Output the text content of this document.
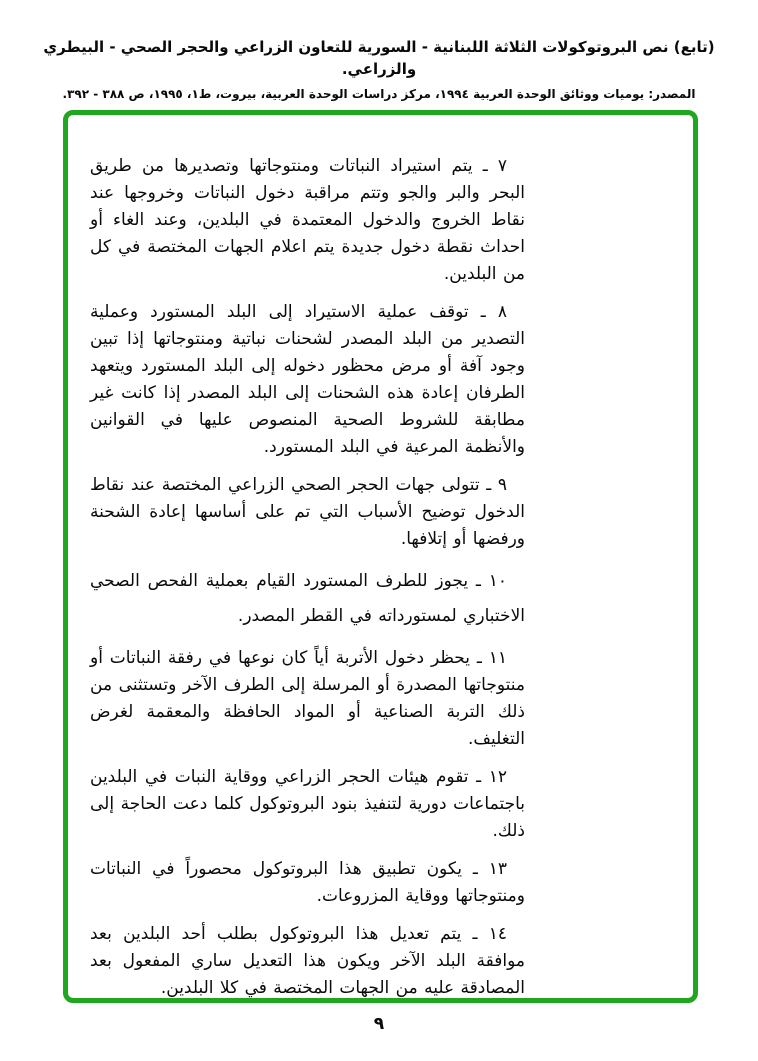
(تابع) نص البروتوكولات الثلاثة اللبنانية - السورية للتعاون الزراعي والحجر الصحي - البيطري والزراعي.
المصدر: يوميات ووثائق الوحدة العربية ١٩٩٤، مركز دراسات الوحدة العربية، بيروت، ط١، ١٩٩٥، ص ٣٨٨ - ٣٩٢.

٧ ـ يتم استيراد النباتات ومنتوجاتها وتصديرها من طريق البحر والبر والجو وتتم مراقبة دخول النباتات وخروجها عند نقاط الخروج والدخول المعتمدة في البلدين، وعند الغاء أو احداث نقطة دخول جديدة يتم اعلام الجهات المختصة في كل من البلدين.

٨ ـ توقف عملية الاستيراد إلى البلد المستورد وعملية التصدير من البلد المصدر لشحنات نباتية ومنتوجاتها إذا تبين وجود آفة أو مرض محظور دخوله إلى البلد المستورد ويتعهد الطرفان إعادة هذه الشحنات إلى البلد المصدر إذا كانت غير مطابقة للشروط الصحية المنصوص عليها في القوانين والأنظمة المرعية في البلد المستورد.

٩ ـ تتولى جهات الحجر الصحي الزراعي المختصة عند نقاط الدخول توضيح الأسباب التي تم على أساسها إعادة الشحنة ورفضها أو إتلافها.

١٠ ـ يجوز للطرف المستورد القيام بعملية الفحص الصحي الاختباري لمستورداته في القطر المصدر.

١١ ـ يحظر دخول الأتربة أياً كان نوعها في رفقة النباتات أو منتوجاتها المصدرة أو المرسلة إلى الطرف الآخر وتستثنى من ذلك التربة الصناعية أو المواد الحافظة والمعقمة لغرض التغليف.

١٢ ـ تقوم هيئات الحجر الزراعي ووقاية النبات في البلدين باجتماعات دورية لتنفيذ بنود البروتوكول كلما دعت الحاجة إلى ذلك.

١٣ ـ يكون تطبيق هذا البروتوكول محصوراً في النباتات ومنتوجاتها ووقاية المزروعات.

١٤ ـ يتم تعديل هذا البروتوكول بطلب أحد البلدين بعد موافقة البلد الآخر ويكون هذا التعديل ساري المفعول بعد المصادقة عليه من الجهات المختصة في كلا البلدين.

٩
